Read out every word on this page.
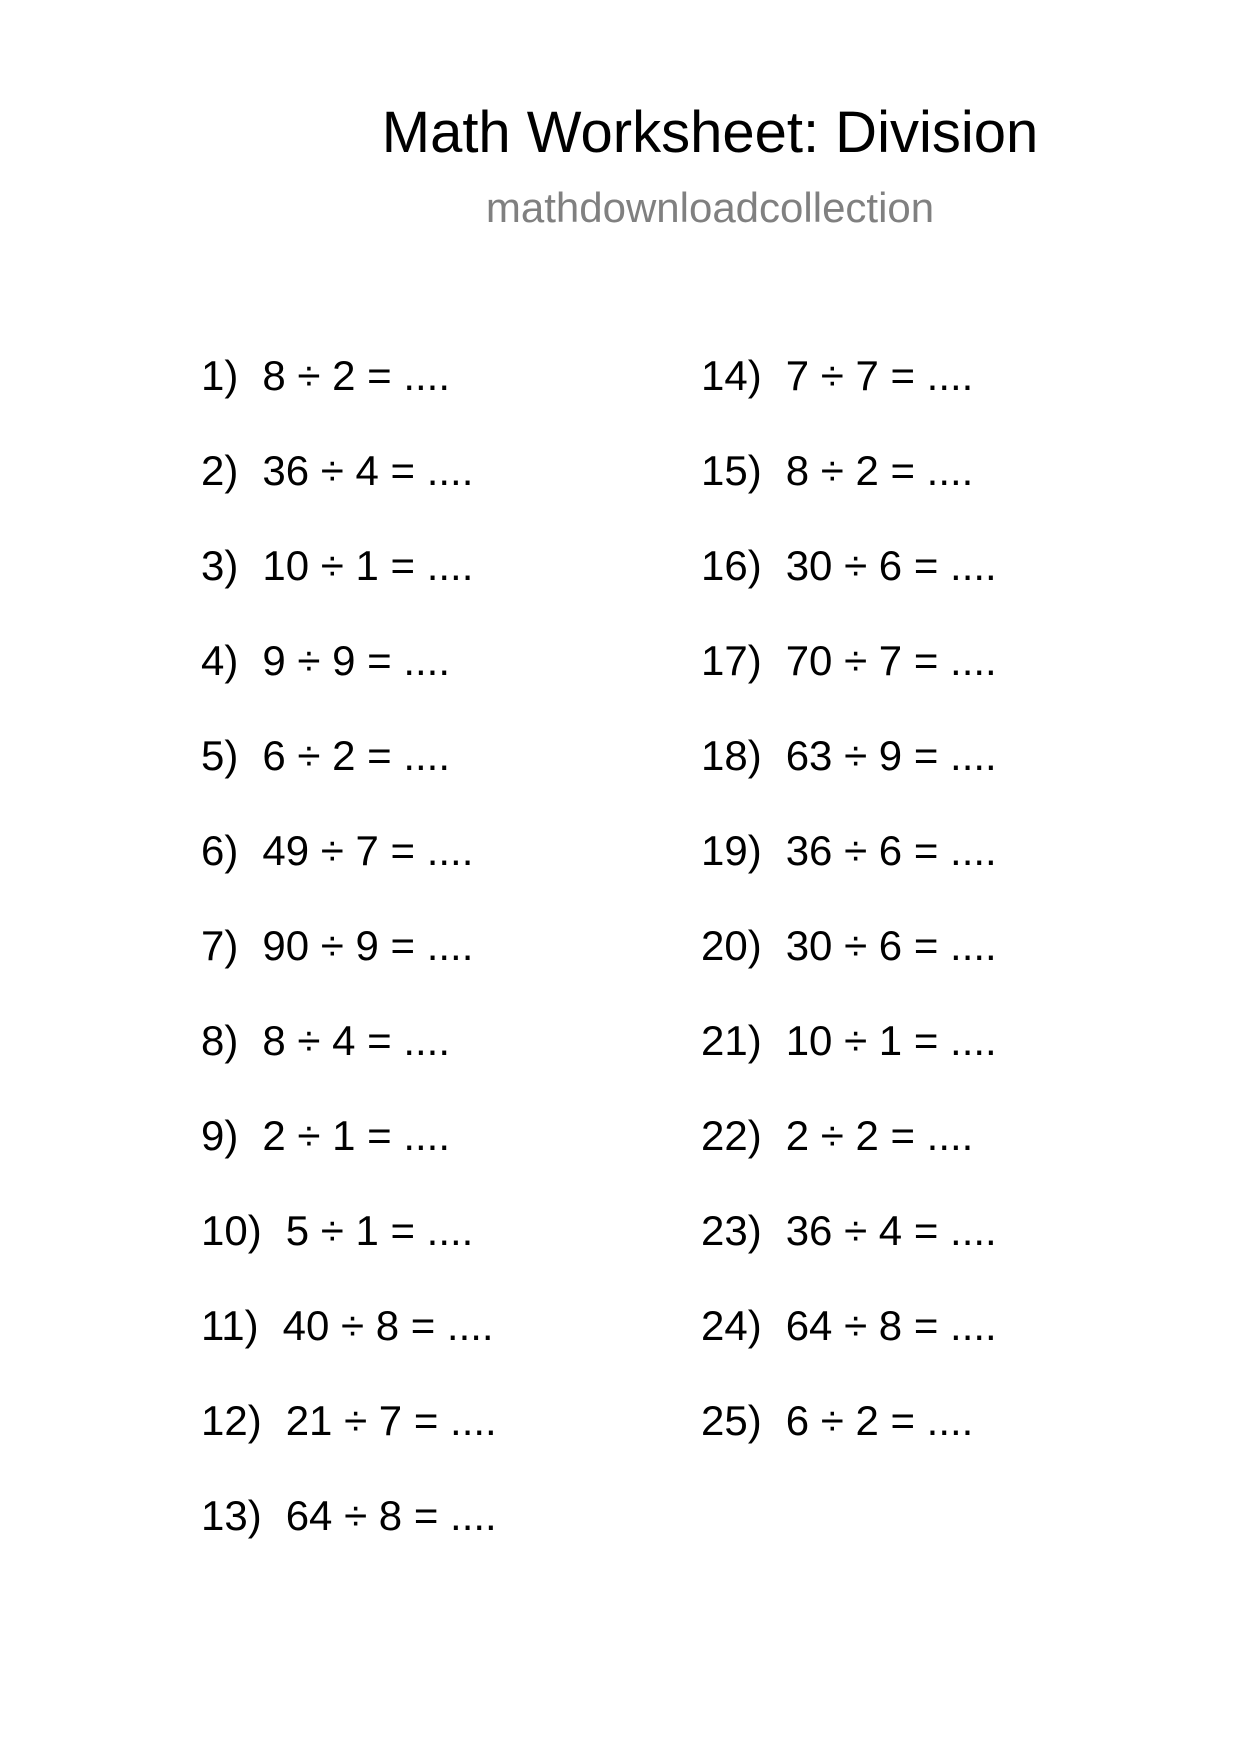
Math Worksheet: Division
mathdownloadcollection
1) 8 ÷ 2 = ....
2) 36 ÷ 4 = ....
3) 10 ÷ 1 = ....
4) 9 ÷ 9 = ....
5) 6 ÷ 2 = ....
6) 49 ÷ 7 = ....
7) 90 ÷ 9 = ....
8) 8 ÷ 4 = ....
9) 2 ÷ 1 = ....
10) 5 ÷ 1 = ....
11) 40 ÷ 8 = ....
12) 21 ÷ 7 = ....
13) 64 ÷ 8 = ....
14) 7 ÷ 7 = ....
15) 8 ÷ 2 = ....
16) 30 ÷ 6 = ....
17) 70 ÷ 7 = ....
18) 63 ÷ 9 = ....
19) 36 ÷ 6 = ....
20) 30 ÷ 6 = ....
21) 10 ÷ 1 = ....
22) 2 ÷ 2 = ....
23) 36 ÷ 4 = ....
24) 64 ÷ 8 = ....
25) 6 ÷ 2 = ....
